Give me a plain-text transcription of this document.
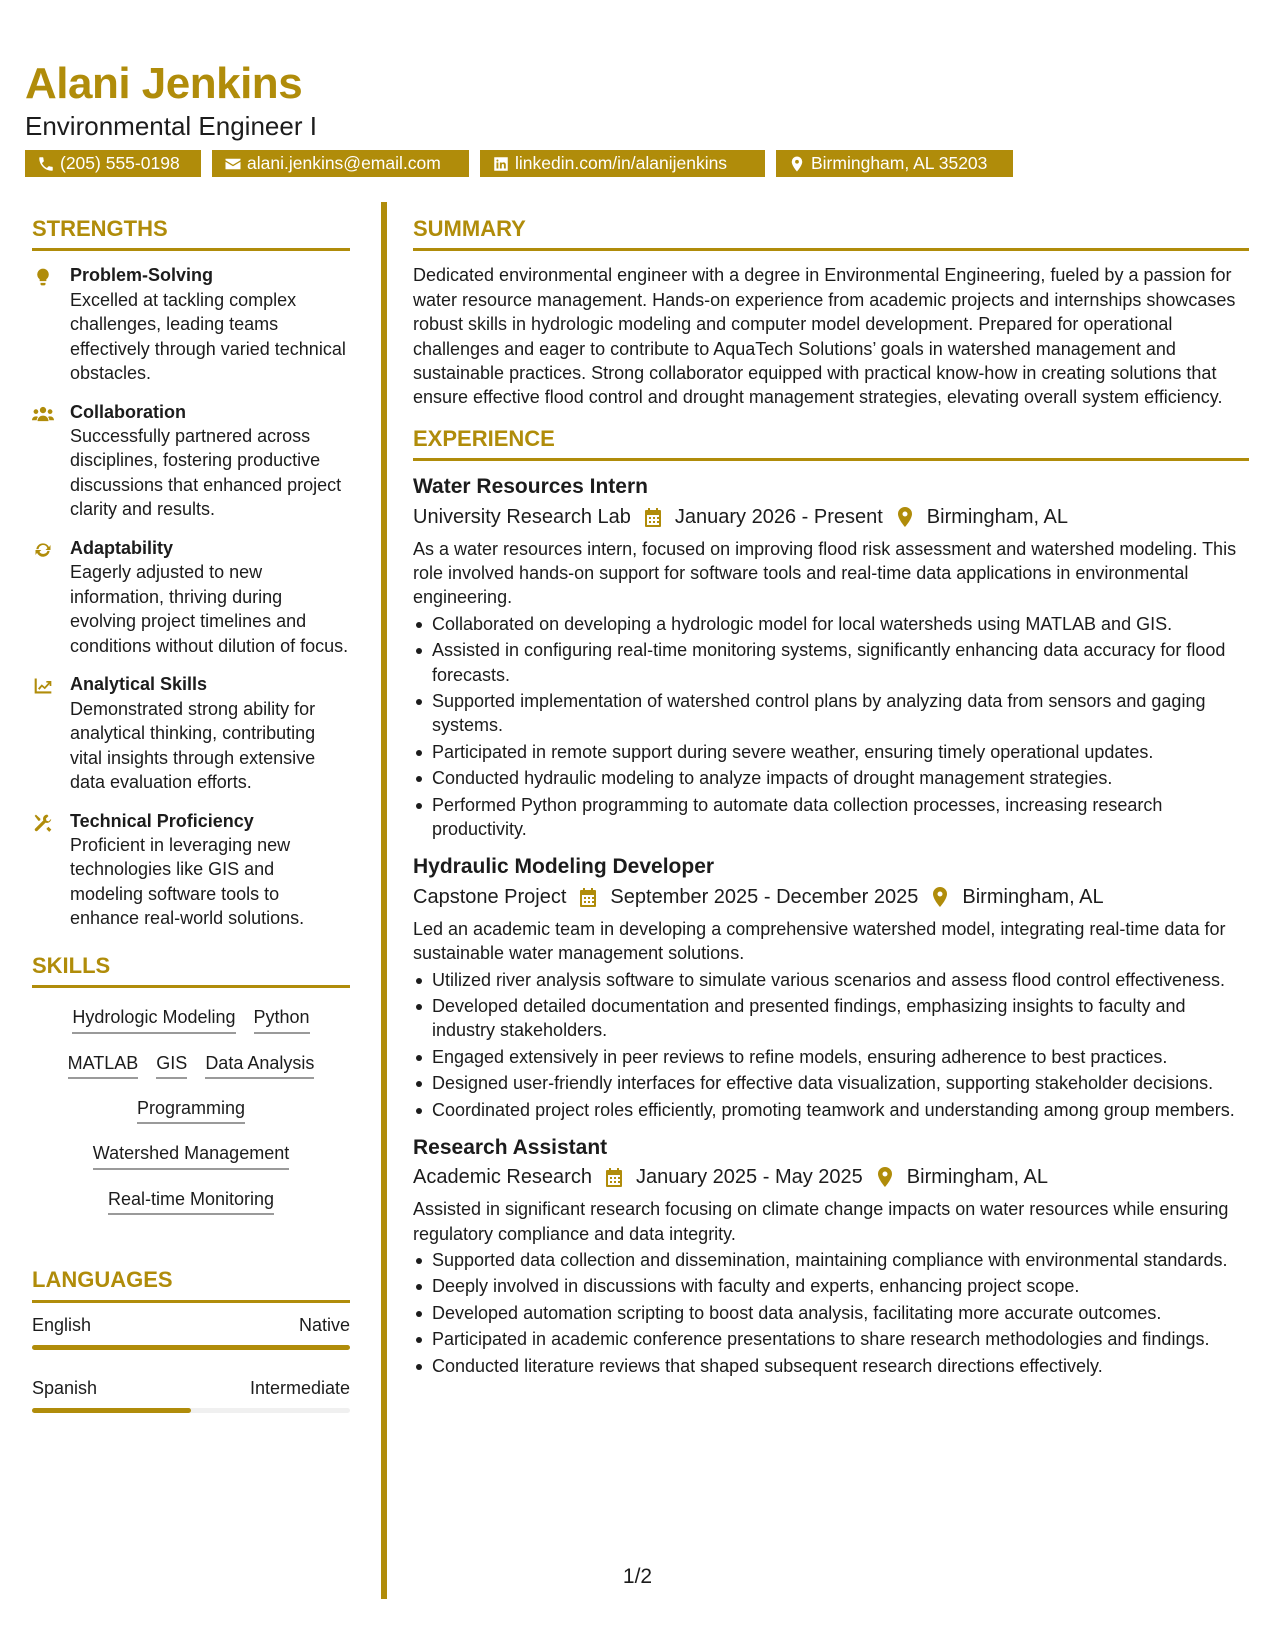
Alani Jenkins
Environmental Engineer I
(205) 555-0198	alani.jenkins@email.com	linkedin.com/in/alanijenkins	Birmingham, AL 35203
STRENGTHS
Problem-Solving
Excelled at tackling complex challenges, leading teams effectively through varied technical obstacles.
Collaboration
Successfully partnered across disciplines, fostering productive discussions that enhanced project clarity and results.
Adaptability
Eagerly adjusted to new information, thriving during evolving project timelines and conditions without dilution of focus.
Analytical Skills
Demonstrated strong ability for analytical thinking, contributing vital insights through extensive data evaluation efforts.
Technical Proficiency
Proficient in leveraging new technologies like GIS and modeling software tools to enhance real-world solutions.
SKILLS
Hydrologic Modeling Python
MATLAB GIS Data Analysis
Programming
Watershed Management
Real-time Monitoring
LANGUAGES
English	Native
Spanish	Intermediate
SUMMARY
Dedicated environmental engineer with a degree in Environmental Engineering, fueled by a passion for water resource management. Hands-on experience from academic projects and internships showcases robust skills in hydrologic modeling and computer model development. Prepared for operational challenges and eager to contribute to AquaTech Solutions’ goals in watershed management and sustainable practices. Strong collaborator equipped with practical know-how in creating solutions that ensure effective flood control and drought management strategies, elevating overall system efficiency.
EXPERIENCE
Water Resources Intern
University Research Lab January 2026 - Present Birmingham, AL
As a water resources intern, focused on improving flood risk assessment and watershed modeling. This role involved hands-on support for software tools and real-time data applications in environmental engineering.
Collaborated on developing a hydrologic model for local watersheds using MATLAB and GIS.
Assisted in configuring real-time monitoring systems, significantly enhancing data accuracy for flood forecasts.
Supported implementation of watershed control plans by analyzing data from sensors and gaging systems.
Participated in remote support during severe weather, ensuring timely operational updates.
Conducted hydraulic modeling to analyze impacts of drought management strategies.
Performed Python programming to automate data collection processes, increasing research productivity.
Hydraulic Modeling Developer
Capstone Project September 2025 - December 2025 Birmingham, AL
Led an academic team in developing a comprehensive watershed model, integrating real-time data for sustainable water management solutions.
Utilized river analysis software to simulate various scenarios and assess flood control effectiveness.
Developed detailed documentation and presented findings, emphasizing insights to faculty and industry stakeholders.
Engaged extensively in peer reviews to refine models, ensuring adherence to best practices.
Designed user-friendly interfaces for effective data visualization, supporting stakeholder decisions.
Coordinated project roles efficiently, promoting teamwork and understanding among group members.
Research Assistant
Academic Research January 2025 - May 2025 Birmingham, AL
Assisted in significant research focusing on climate change impacts on water resources while ensuring regulatory compliance and data integrity.
Supported data collection and dissemination, maintaining compliance with environmental standards.
Deeply involved in discussions with faculty and experts, enhancing project scope.
Developed automation scripting to boost data analysis, facilitating more accurate outcomes.
Participated in academic conference presentations to share research methodologies and findings.
Conducted literature reviews that shaped subsequent research directions effectively.
1/2
